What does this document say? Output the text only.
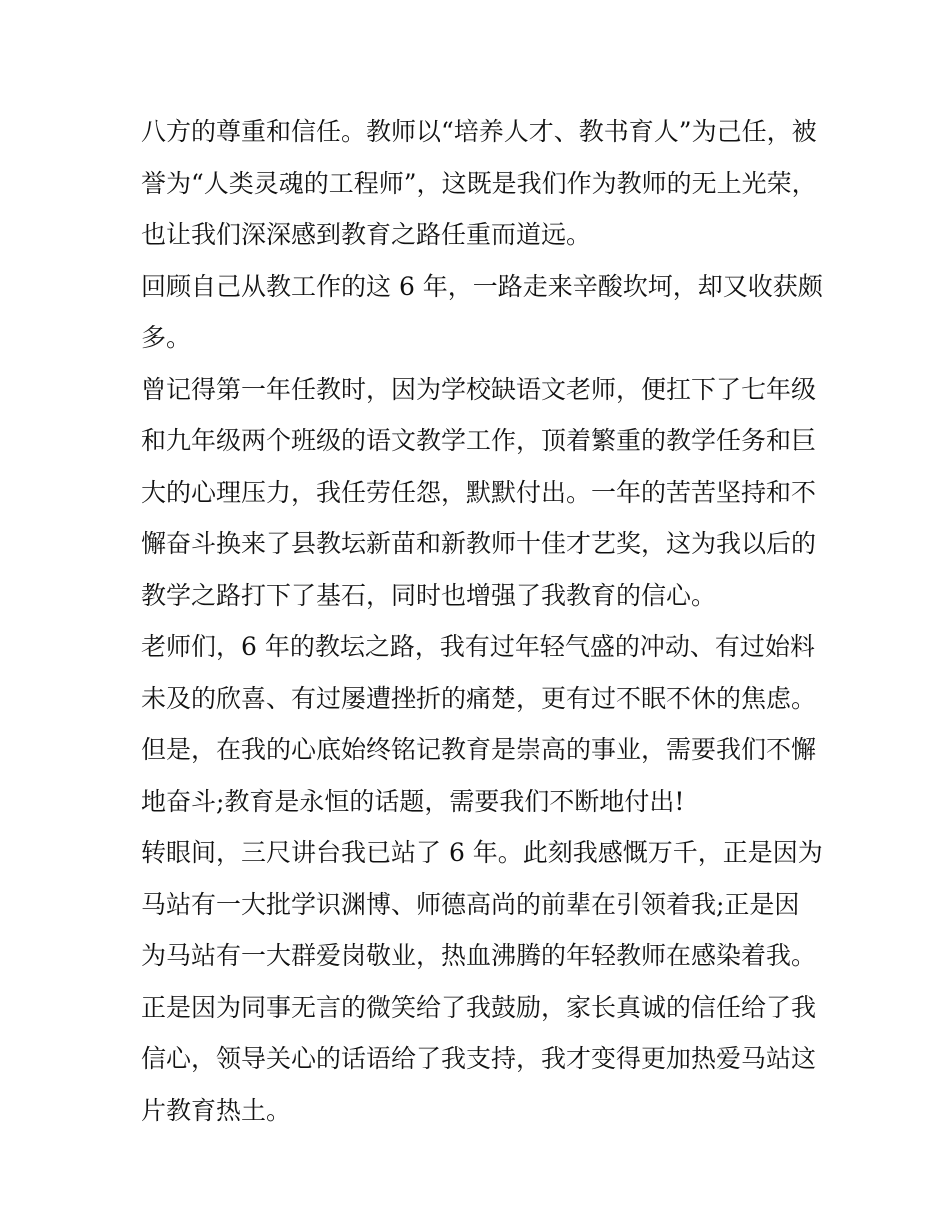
八方的尊重和信任。教师以“培养人才、教书育人”为己任，被
誉为“人类灵魂的工程师”，这既是我们作为教师的无上光荣，
也让我们深深感到教育之路任重而道远。
回顾自己从教工作的这 6 年，一路走来辛酸坎坷，却又收获颇
多。
曾记得第一年任教时，因为学校缺语文老师，便扛下了七年级
和九年级两个班级的语文教学工作，顶着繁重的教学任务和巨
大的心理压力，我任劳任怨，默默付出。一年的苦苦坚持和不
懈奋斗换来了县教坛新苗和新教师十佳才艺奖，这为我以后的
教学之路打下了基石，同时也增强了我教育的信心。
老师们，6 年的教坛之路，我有过年轻气盛的冲动、有过始料
未及的欣喜、有过屡遭挫折的痛楚，更有过不眠不休的焦虑。
但是，在我的心底始终铭记教育是崇高的事业，需要我们不懈
地奋斗;教育是永恒的话题，需要我们不断地付出!
转眼间，三尺讲台我已站了 6 年。此刻我感慨万千，正是因为
马站有一大批学识渊博、师德高尚的前辈在引领着我;正是因
为马站有一大群爱岗敬业，热血沸腾的年轻教师在感染着我。
正是因为同事无言的微笑给了我鼓励，家长真诚的信任给了我
信心，领导关心的话语给了我支持，我才变得更加热爱马站这
片教育热土。
